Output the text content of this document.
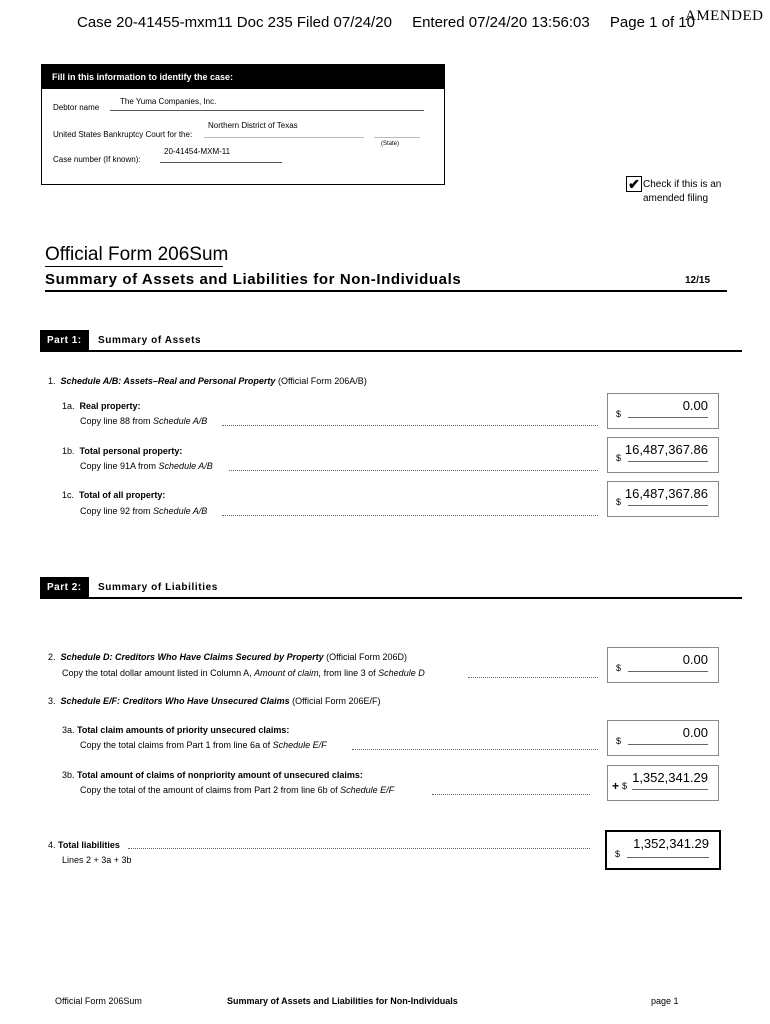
Case 20-41455-mxm11 Doc 235 Filed 07/24/20 Entered 07/24/20 13:56:03 Page 1 of 10
AMENDED
Fill in this information to identify the case:
Debtor name
The Yuma Companies, Inc.
United States Bankruptcy Court for the:
Northern District of Texas
(State)
Case number (If known):
20-41454-MXM-11
✔ Check if this is an amended filing
Official Form 206Sum
Summary of Assets and Liabilities for Non-Individuals	12/15
Part 1:	Summary of Assets
1. Schedule A/B: Assets–Real and Personal Property (Official Form 206A/B)
1a. Real property:
Copy line 88 from Schedule A/B
$
0.00
1b. Total personal property:
Copy line 91A from Schedule A/B
$
16,487,367.86
1c. Total of all property:
Copy line 92 from Schedule A/B
$
16,487,367.86
Part 2:	Summary of Liabilities
2. Schedule D: Creditors Who Have Claims Secured by Property (Official Form 206D)
Copy the total dollar amount listed in Column A, Amount of claim, from line 3 of Schedule D	$
0.00
3. Schedule E/F: Creditors Who Have Unsecured Claims (Official Form 206E/F)
3a. Total claim amounts of priority unsecured claims:
Copy the total claims from Part 1 from line 6a of Schedule E/F	$
0.00
3b. Total amount of claims of nonpriority amount of unsecured claims:
Copy the total of the amount of claims from Part 2 from line 6b of Schedule E/F	+ $
1,352,341.29
4. Total liabilities
Lines 2 + 3a + 3b
$
1,352,341.29
Official Form 206Sum	Summary of Assets and Liabilities for Non-Individuals	page 1
